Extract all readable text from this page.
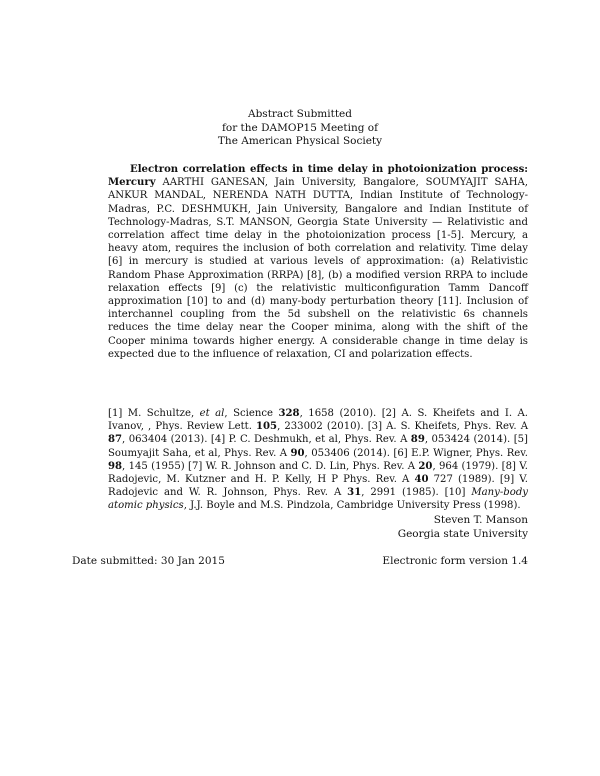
Abstract Submitted
for the DAMOP15 Meeting of
The American Physical Society
Electron correlation effects in time delay in photoionization process: Mercury AARTHI GANESAN, Jain University, Bangalore, SOUMYAJIT SAHA, ANKUR MANDAL, NERENDA NATH DUTTA, Indian Institute of Technology-Madras, P.C. DESHMUKH, Jain University, Bangalore and Indian Institute of Technology-Madras, S.T. MANSON, Georgia State University — Relativistic and correlation affect time delay in the photoionization process [1-5]. Mercury, a heavy atom, requires the inclusion of both correlation and relativity. Time delay [6] in mercury is studied at various levels of approximation: (a) Relativistic Random Phase Approximation (RRPA) [8], (b) a modified version RRPA to include relaxation effects [9] (c) the relativistic multiconfiguration Tamm Dancoff approximation [10] to and (d) many-body perturbation theory [11]. Inclusion of interchannel coupling from the 5d subshell on the relativistic 6s channels reduces the time delay near the Cooper minima, along with the shift of the Cooper minima towards higher energy. A considerable change in time delay is expected due to the influence of relaxation, CI and polarization effects.
[1] M. Schultze, et al, Science 328, 1658 (2010). [2] A. S. Kheifets and I. A. Ivanov, , Phys. Review Lett. 105, 233002 (2010). [3] A. S. Kheifets, Phys. Rev. A 87, 063404 (2013). [4] P. C. Deshmukh, et al, Phys. Rev. A 89, 053424 (2014). [5] Soumyajit Saha, et al, Phys. Rev. A 90, 053406 (2014). [6] E.P. Wigner, Phys. Rev. 98, 145 (1955) [7] W. R. Johnson and C. D. Lin, Phys. Rev. A 20, 964 (1979). [8] V. Radojevic, M. Kutzner and H. P. Kelly, H P Phys. Rev. A 40 727 (1989). [9] V. Radojevic and W. R. Johnson, Phys. Rev. A 31, 2991 (1985). [10] Many-body atomic physics, J.J. Boyle and M.S. Pindzola, Cambridge University Press (1998).
Steven T. Manson
Georgia state University
Date submitted: 30 Jan 2015	Electronic form version 1.4
